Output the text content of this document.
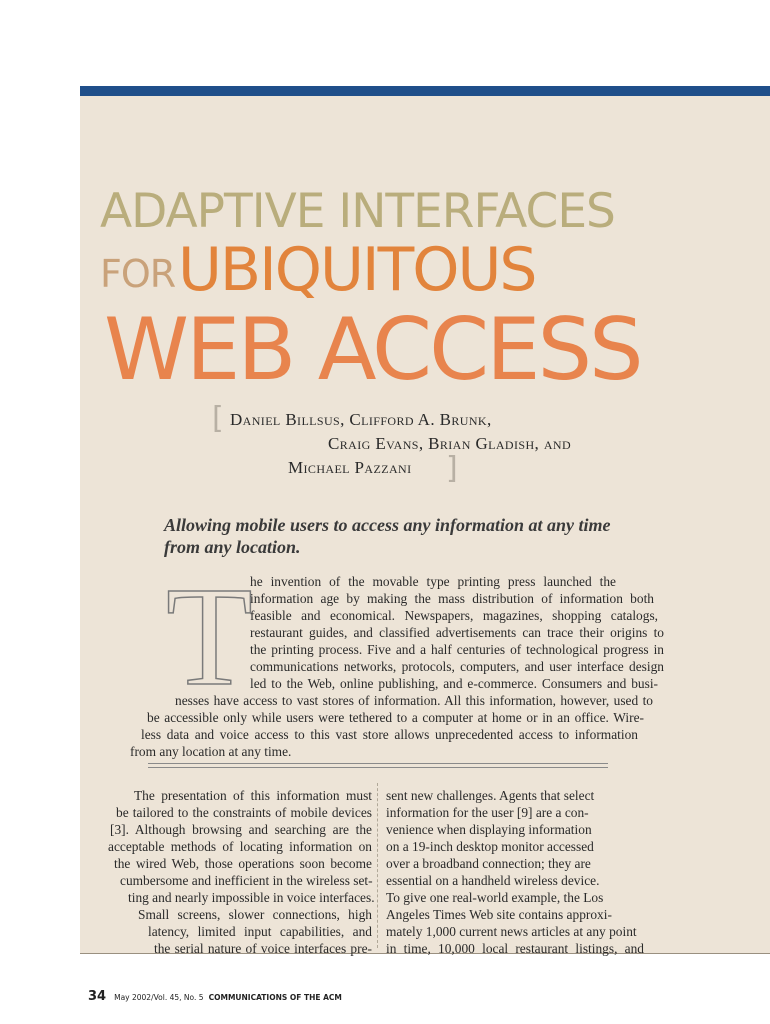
ADAPTIVE INTERFACES
FOR UBIQUITOUS
WEB ACCESS
[ Daniel Billsus, Clifford A. Brunk,
Craig Evans, Brian Gladish, and
Michael Pazzani ]
Allowing mobile users to access any information at any time from any location.
T
he invention of the movable type printing press launched the
information age by making the mass distribution of information both
feasible and economical. Newspapers, magazines, shopping catalogs,
restaurant guides, and classified advertisements can trace their origins to
the printing process. Five and a half centuries of technological progress in
communications networks, protocols, computers, and user interface design
led to the Web, online publishing, and e-commerce. Consumers and busi-
nesses have access to vast stores of information. All this information, however, used to
be accessible only while users were tethered to a computer at home or in an office. Wire-
less data and voice access to this vast store allows unprecedented access to information
from any location at any time.
The presentation of this information must
be tailored to the constraints of mobile devices
[3]. Although browsing and searching are the
acceptable methods of locating information on
the wired Web, those operations soon become
cumbersome and inefficient in the wireless set-
ting and nearly impossible in voice interfaces.
Small screens, slower connections, high
latency, limited input capabilities, and
the serial nature of voice interfaces pre-
sent new challenges. Agents that select
information for the user [9] are a con-
venience when displaying information
on a 19-inch desktop monitor accessed
over a broadband connection; they are
essential on a handheld wireless device.
To give one real-world example, the Los
Angeles Times Web site contains approxi-
mately 1,000 current news articles at any point
in time, 10,000 local restaurant listings, and
34 May 2002/Vol. 45, No. 5 COMMUNICATIONS OF THE ACM
